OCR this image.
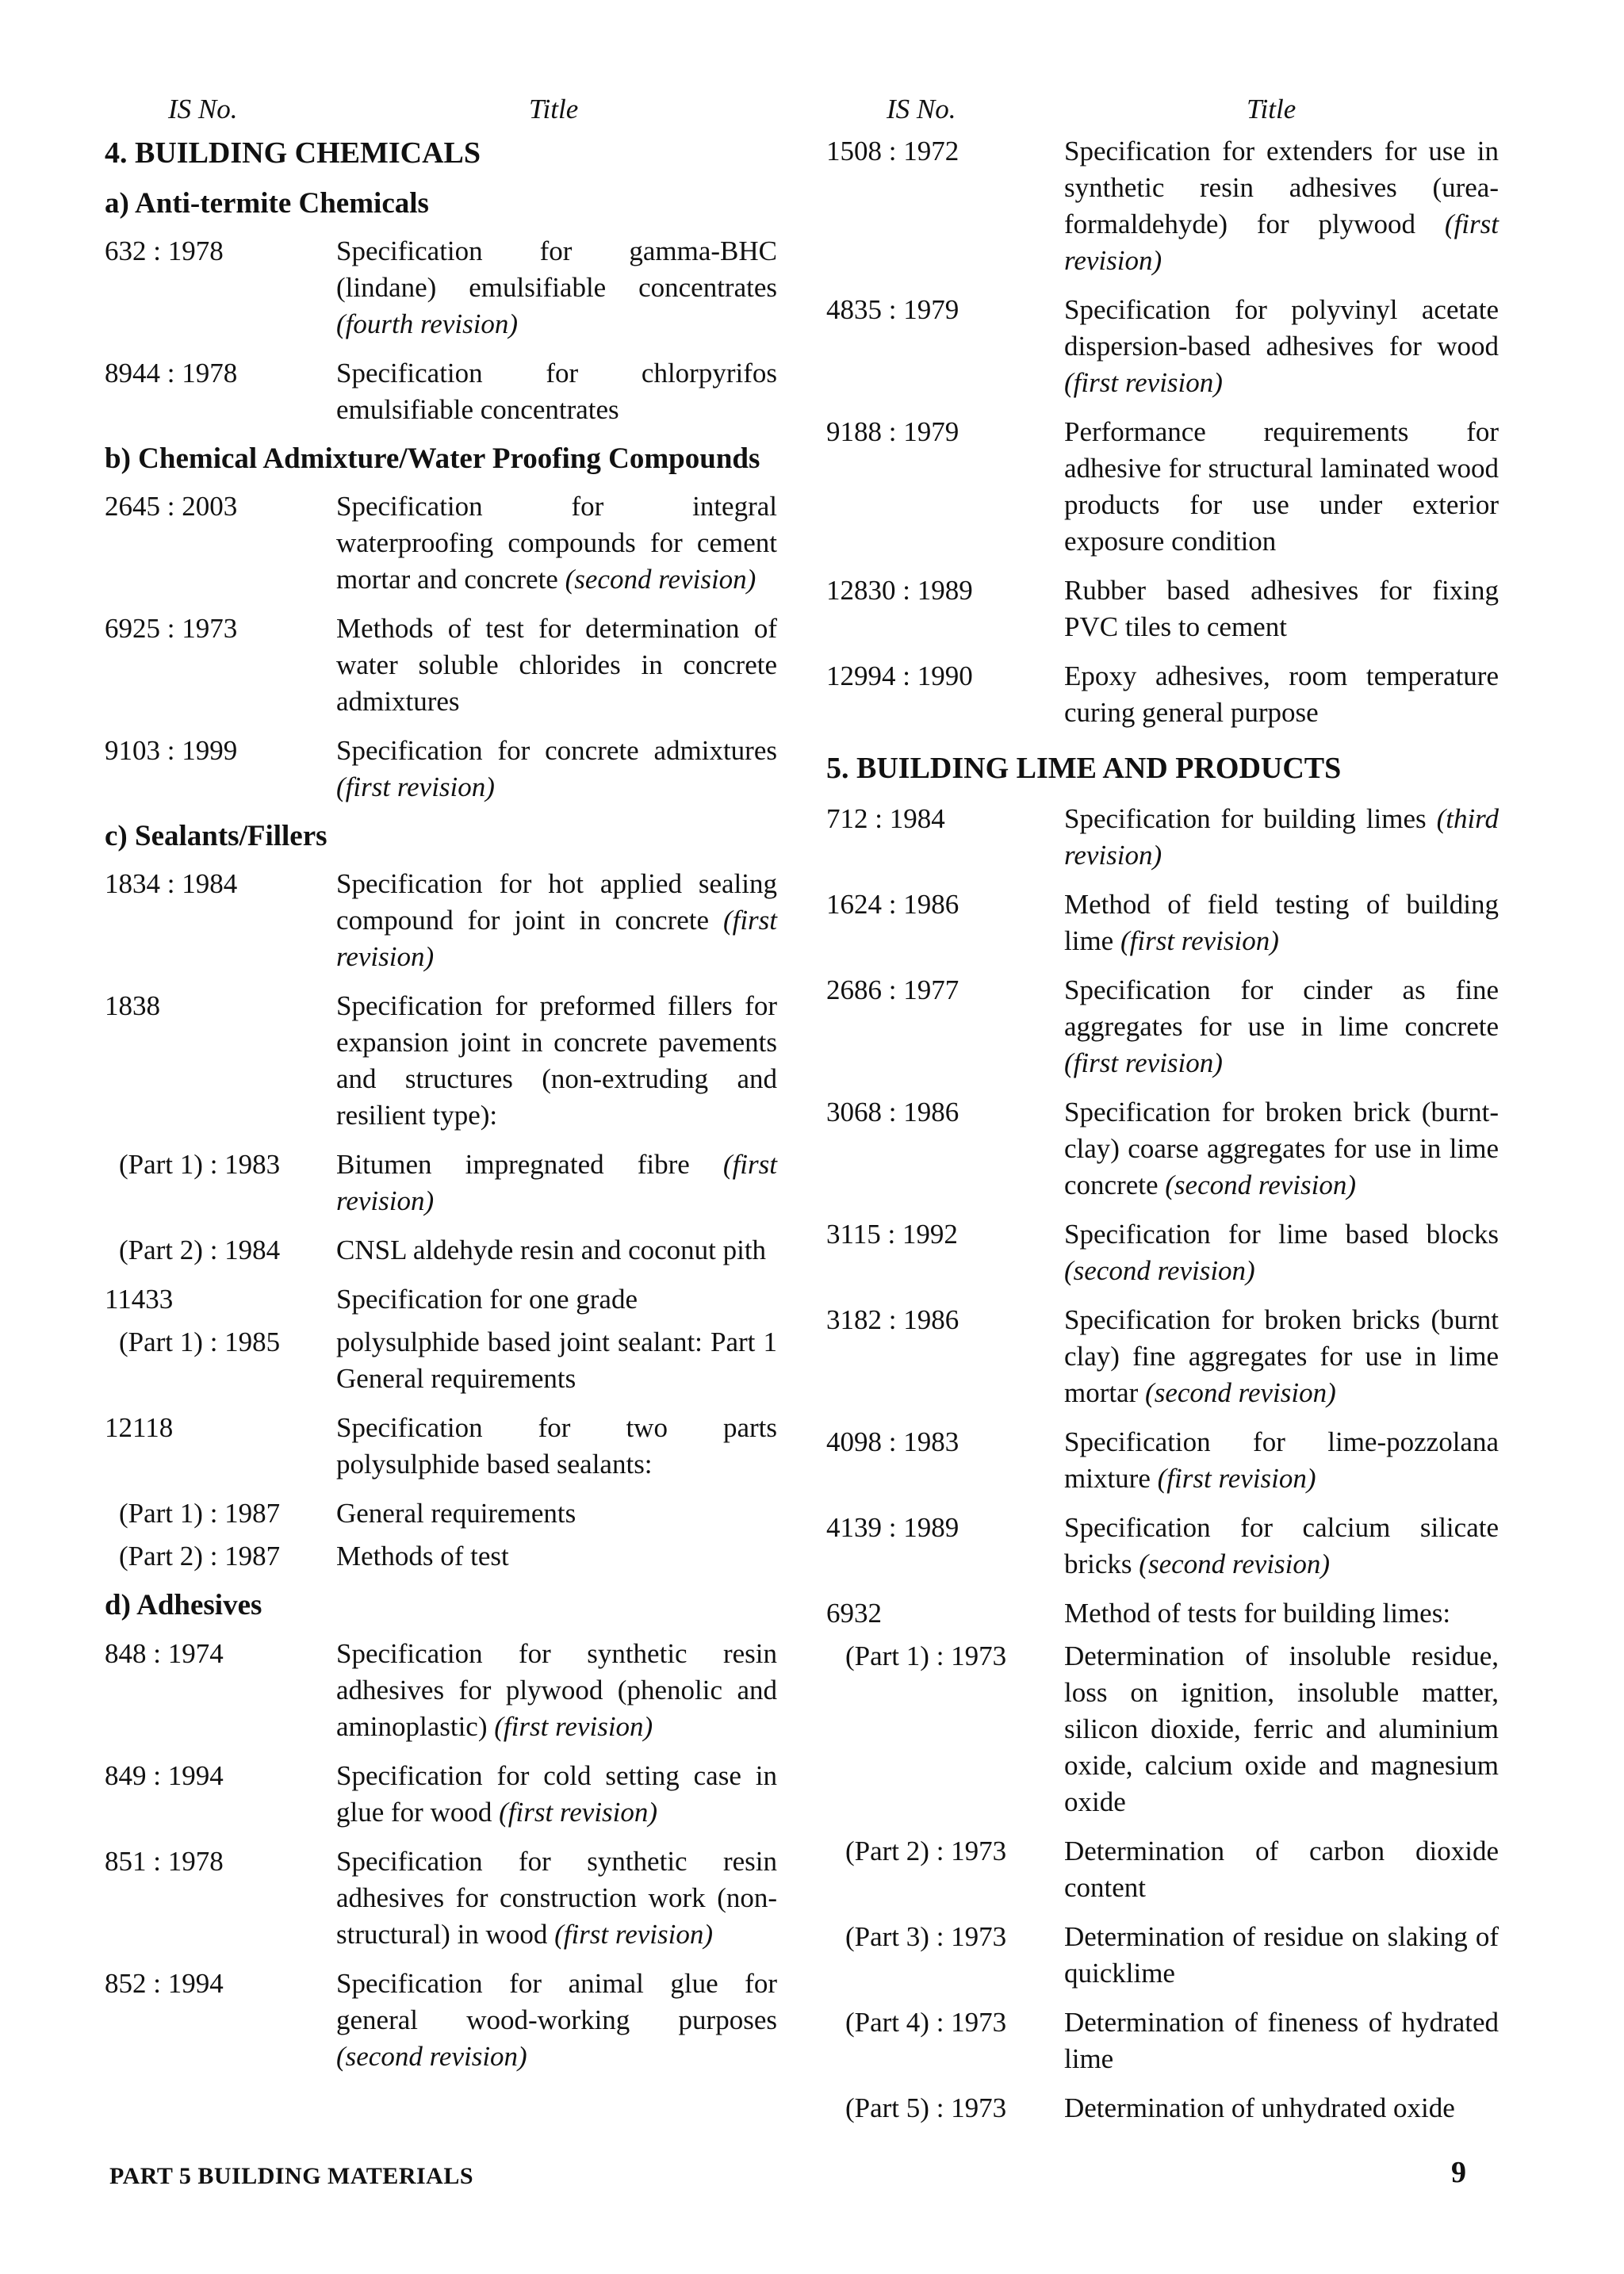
IS No.	Title
4. BUILDING CHEMICALS
a) Anti-termite Chemicals
632 : 1978	Specification for gamma-BHC (lindane) emulsifiable concentrates (fourth revision)
8944 : 1978	Specification for chlorpyrifos emulsifiable concentrates
b) Chemical Admixture/Water Proofing Compounds
2645 : 2003	Specification for integral waterproofing compounds for cement mortar and concrete (second revision)
6925 : 1973	Methods of test for determination of water soluble chlorides in concrete admixtures
9103 : 1999	Specification for concrete admixtures (first revision)
c) Sealants/Fillers
1834 : 1984	Specification for hot applied sealing compound for joint in concrete (first revision)
1838	Specification for preformed fillers for expansion joint in concrete pavements and structures (non-extruding and resilient type):
(Part 1) : 1983	Bitumen impregnated fibre (first revision)
(Part 2) : 1984	CNSL aldehyde resin and coconut pith
11433	Specification for one grade
(Part 1) : 1985	polysulphide based joint sealant: Part 1 General requirements
12118	Specification for two parts polysulphide based sealants:
(Part 1) : 1987	General requirements
(Part 2) : 1987	Methods of test
d) Adhesives
848 : 1974	Specification for synthetic resin adhesives for plywood (phenolic and aminoplastic) (first revision)
849 : 1994	Specification for cold setting case in glue for wood (first revision)
851 : 1978	Specification for synthetic resin adhesives for construction work (non-structural) in wood (first revision)
852 : 1994	Specification for animal glue for general wood-working purposes (second revision)
IS No.	Title
1508 : 1972	Specification for extenders for use in synthetic resin adhesives (urea-formaldehyde) for plywood (first revision)
4835 : 1979	Specification for polyvinyl acetate dispersion-based adhesives for wood (first revision)
9188 : 1979	Performance requirements for adhesive for structural laminated wood products for use under exterior exposure condition
12830 : 1989	Rubber based adhesives for fixing PVC tiles to cement
12994 : 1990	Epoxy adhesives, room temperature curing general purpose
5. BUILDING LIME AND PRODUCTS
712 : 1984	Specification for building limes (third revision)
1624 : 1986	Method of field testing of building lime (first revision)
2686 : 1977	Specification for cinder as fine aggregates for use in lime concrete (first revision)
3068 : 1986	Specification for broken brick (burnt-clay) coarse aggregates for use in lime concrete (second revision)
3115 : 1992	Specification for lime based blocks (second revision)
3182 : 1986	Specification for broken bricks (burnt clay) fine aggregates for use in lime mortar (second revision)
4098 : 1983	Specification for lime-pozzolana mixture (first revision)
4139 : 1989	Specification for calcium silicate bricks (second revision)
6932	Method of tests for building limes:
(Part 1) : 1973	Determination of insoluble residue, loss on ignition, insoluble matter, silicon dioxide, ferric and aluminium oxide, calcium oxide and magnesium oxide
(Part 2) : 1973	Determination of carbon dioxide content
(Part 3) : 1973	Determination of residue on slaking of quicklime
(Part 4) : 1973	Determination of fineness of hydrated lime
(Part 5) : 1973	Determination of unhydrated oxide
PART 5 BUILDING MATERIALS	9
